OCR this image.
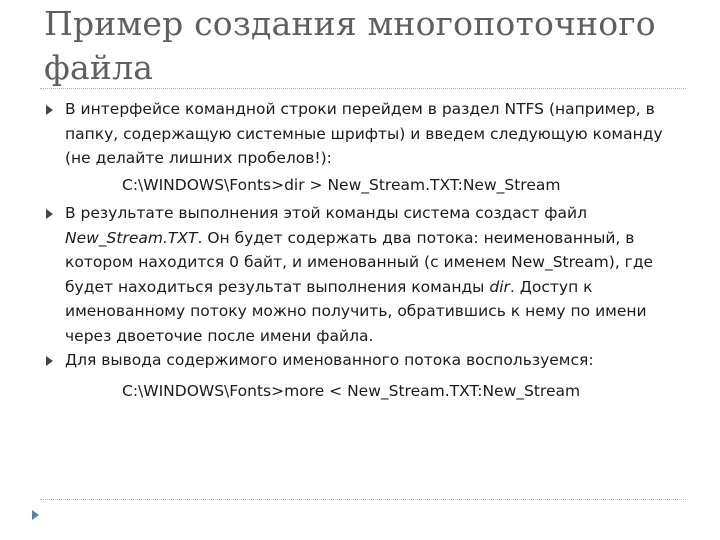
Пример создания многопоточного файла
В интерфейсе командной строки перейдем в раздел NTFS (например, в папку, содержащую системные шрифты) и введем следующую команду (не делайте лишних пробелов!):
C:\WINDOWS\Fonts>dir > New_Stream.TXT:New_Stream
В результате выполнения этой команды система создаст файл New_Stream.TXT. Он будет содержать два потока: неименованный, в котором находится 0 байт, и именованный (с именем New_Stream), где будет находиться результат выполнения команды dir. Доступ к именованному потоку можно получить, обратившись к нему по имени через двоеточие после имени файла.
Для вывода содержимого именованного потока воспользуемся:
C:\WINDOWS\Fonts>more < New_Stream.TXT:New_Stream
